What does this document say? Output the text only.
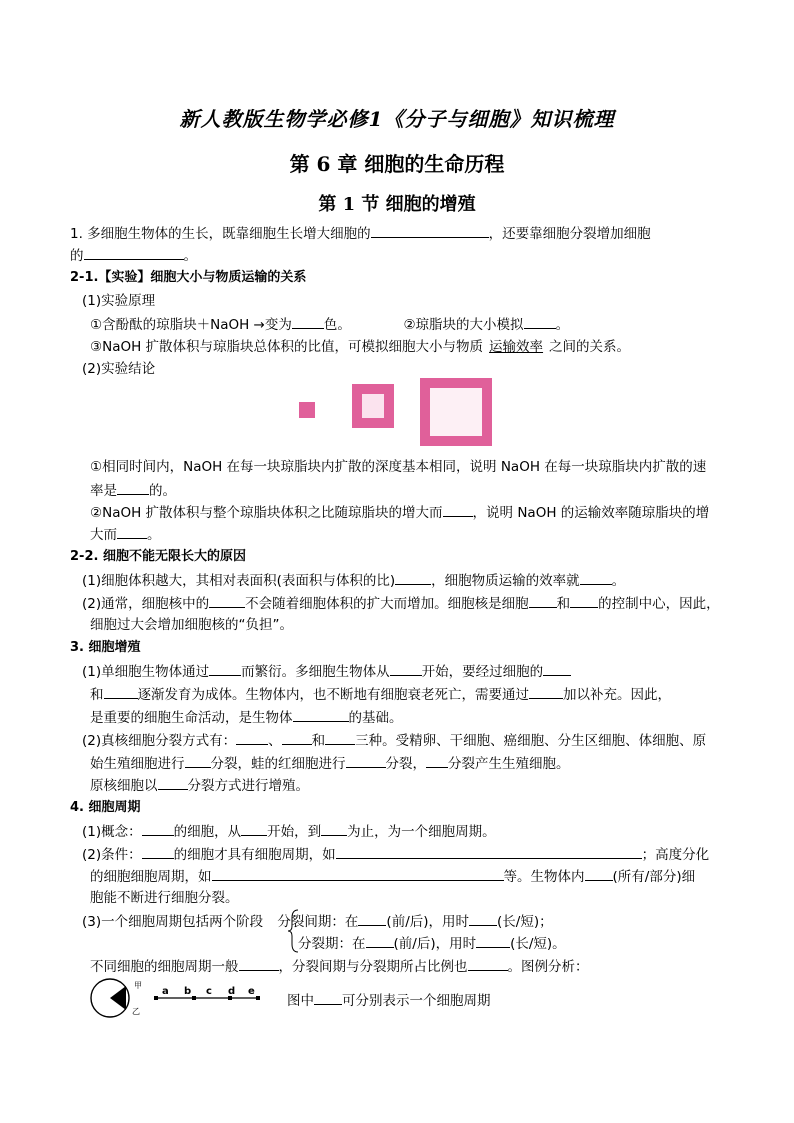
新人教版生物学必修1《分子与细胞》知识梳理
第 6 章 细胞的生命历程
第 1 节 细胞的增殖
1. 多细胞生物体的生长，既靠细胞生长增大细胞的	，还要靠细胞分裂增加细胞
的	。
2-1.【实验】细胞大小与物质运输的关系
(1)实验原理
①含酚酞的琼脂块＋NaOH →变为 色。	②琼脂块的大小模拟 。
③NaOH 扩散体积与琼脂块总体积的比值，可模拟细胞大小与物质 运输效率 之间的关系。
(2)实验结论
①相同时间内，NaOH 在每一块琼脂块内扩散的深度基本相同，说明 NaOH 在每一块琼脂块内扩散的速
率是 的。
②NaOH 扩散体积与整个琼脂块体积之比随琼脂块的增大而 ，说明 NaOH 的运输效率随琼脂块的增
大而 。
2-2. 细胞不能无限长大的原因
(1)细胞体积越大，其相对表面积(表面积与体积的比)	，细胞物质运输的效率就 。
(2)通常，细胞核中的	不会随着细胞体积的扩大而增加。细胞核是细胞 和 的控制中心，因此，
细胞过大会增加细胞核的“负担”。
3. 细胞增殖
(1)单细胞生物体通过 而繁衍。多细胞生物体从 开始，要经过细胞的
和	逐渐发育为成体。生物体内，也不断地有细胞衰老死亡，需要通过	加以补充。因此，
是重要的细胞生命活动，是生物体	的基础。
(2)真核细胞分裂方式有： 、 和 三种。受精卵、干细胞、癌细胞、分生区细胞、体细胞、原
始生殖细胞进行 分裂，蛙的红细胞进行	分裂， 分裂产生生殖细胞。
原核细胞以 分裂方式进行增殖。
4. 细胞周期
(1)概念： 的细胞，从 开始，到 为止，为一个细胞周期。
(2)条件： 的细胞才具有细胞周期，如	；高度分化
的细胞细胞周期，如	等。生物体内 (所有/部分)细
胞能不断进行细胞分裂。
(3)一个细胞周期包括两个阶段 分裂间期：在 (前/后)，用时 (长/短)；
分裂期：在 (前/后)，用时	(长/短)。
不同细胞的细胞周期一般	，分裂间期与分裂期所占比例也	。图例分析：
甲
乙
a b c d e
图中 可分别表示一个细胞周期
